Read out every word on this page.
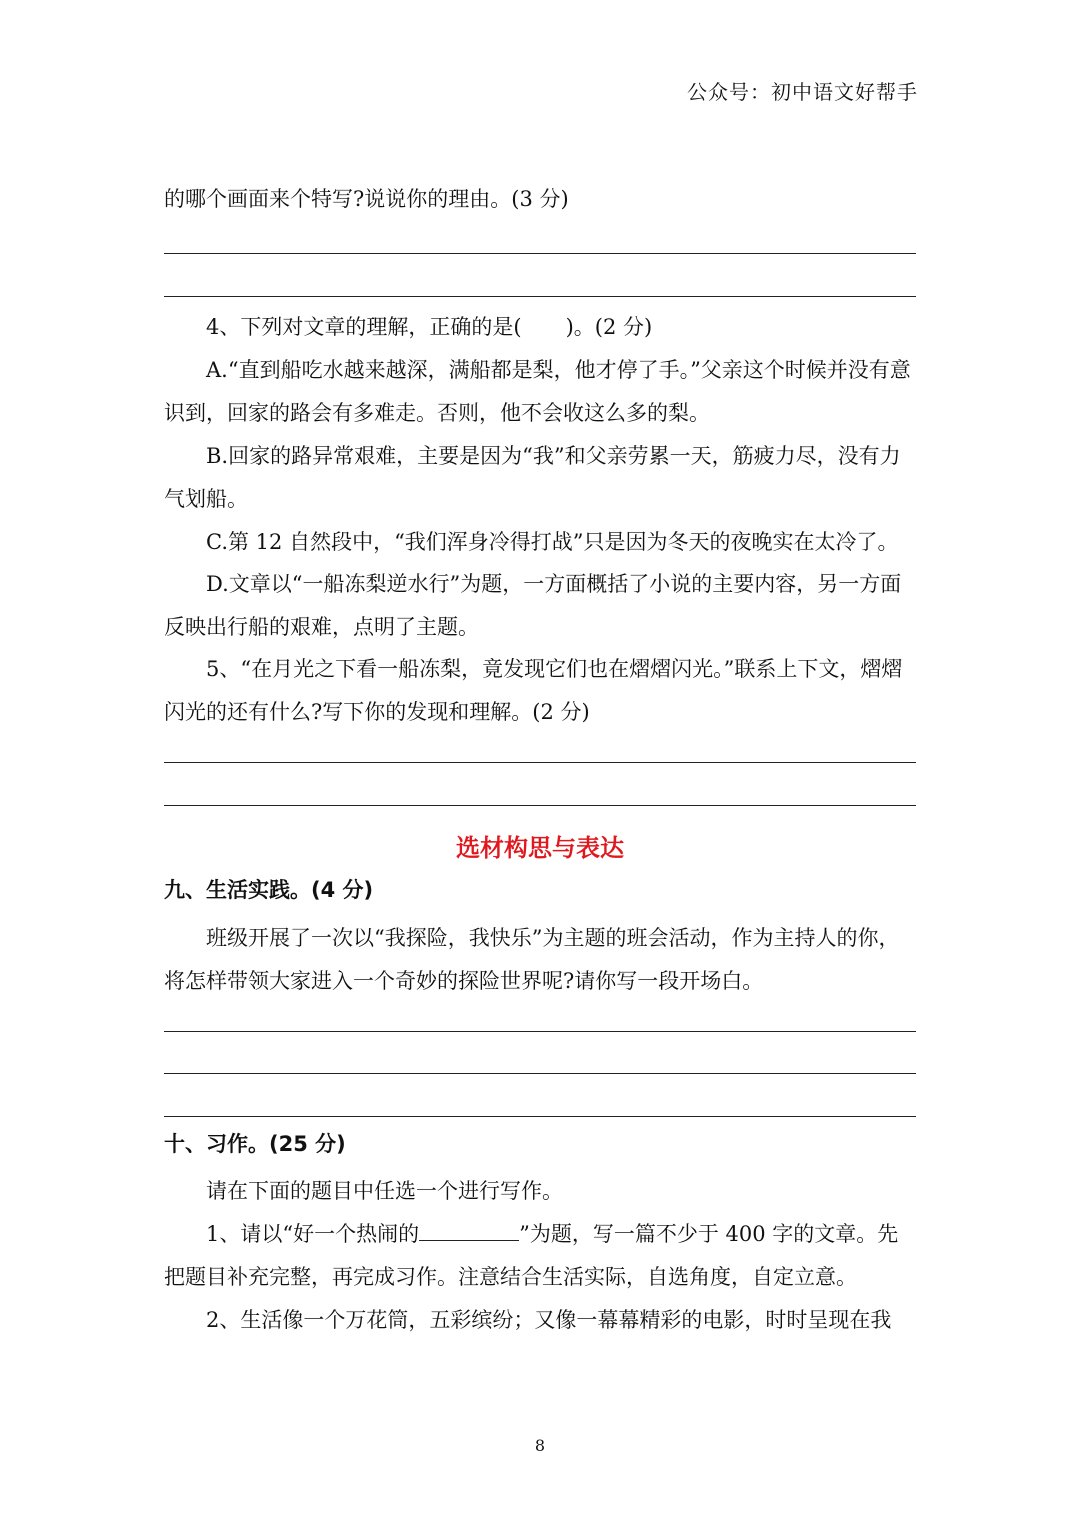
公众号：初中语文好帮手
的哪个画面来个特写?说说你的理由。(3 分)
4、下列对文章的理解，正确的是( )。(2 分)
A.“直到船吃水越来越深，满船都是梨，他才停了手。”父亲这个时候并没有意识到，回家的路会有多难走。否则，他不会收这么多的梨。
B.回家的路异常艰难，主要是因为“我”和父亲劳累一天，筋疲力尽，没有力气划船。
C.第 12 自然段中，“我们浑身冷得打战”只是因为冬天的夜晚实在太冷了。
D.文章以“一船冻梨逆水行”为题，一方面概括了小说的主要内容，另一方面反映出行船的艰难，点明了主题。
5、“在月光之下看一船冻梨，竟发现它们也在熠熠闪光。”联系上下文，熠熠闪光的还有什么?写下你的发现和理解。(2 分)
选材构思与表达
九、生活实践。(4 分)
班级开展了一次以“我探险，我快乐”为主题的班会活动，作为主持人的你，将怎样带领大家进入一个奇妙的探险世界呢?请你写一段开场白。
十、习作。(25 分)
请在下面的题目中任选一个进行写作。
1、请以“好一个热闹的	”为题，写一篇不少于 400 字的文章。先把题目补充完整，再完成习作。注意结合生活实际，自选角度，自定立意。
2、生活像一个万花筒，五彩缤纷；又像一幕幕精彩的电影，时时呈现在我
8
